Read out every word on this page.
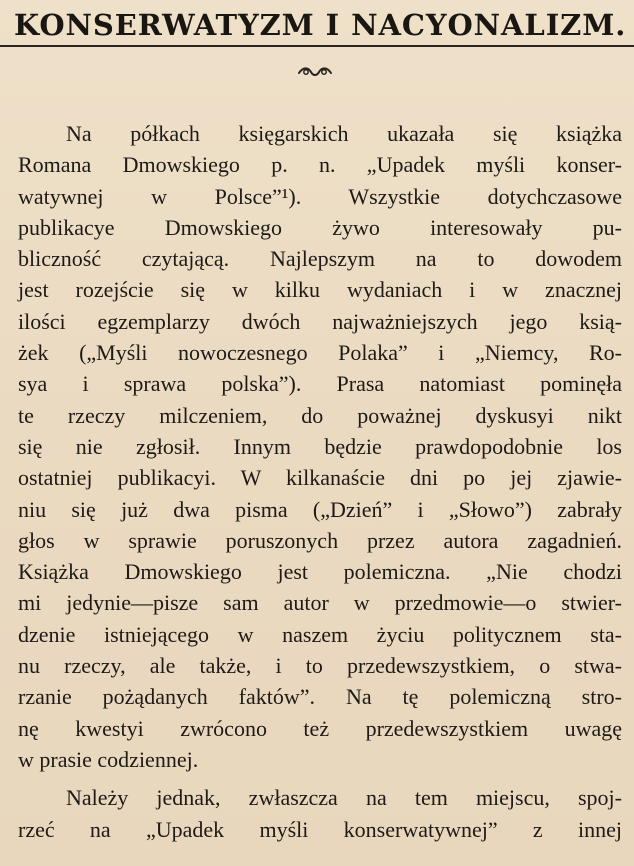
KONSERWATYZM I NACYONALIZM.
Na półkach księgarskich ukazała się książka
Romana Dmowskiego p. n. „Upadek myśli konser-
watywnej w Polsce”¹). Wszystkie dotychczasowe
publikacye Dmowskiego żywo interesowały pu-
bliczność czytającą. Najlepszym na to dowodem
jest rozejście się w kilku wydaniach i w znacznej
ilości egzemplarzy dwóch najważniejszych jego ksią-
żek („Myśli nowoczesnego Polaka” i „Niemcy, Ro-
sya i sprawa polska”). Prasa natomiast pominęła
te rzeczy milczeniem, do poważnej dyskusyi nikt
się nie zgłosił. Innym będzie prawdopodobnie los
ostatniej publikacyi. W kilkanaście dni po jej zjawie-
niu się już dwa pisma („Dzień” i „Słowo”) zabrały
głos w sprawie poruszonych przez autora zagadnień.
Książka Dmowskiego jest polemiczna. „Nie chodzi
mi jedynie—pisze sam autor w przedmowie—o stwier-
dzenie istniejącego w naszem życiu politycznem sta-
nu rzeczy, ale także, i to przedewszystkiem, o stwa-
rzanie pożądanych faktów”. Na tę polemiczną stro-
nę kwestyi zwrócono też przedewszystkiem uwagę
w prasie codziennej.
Należy jednak, zwłaszcza na tem miejscu, spoj-
rzeć na „Upadek myśli konserwatywnej” z innej
